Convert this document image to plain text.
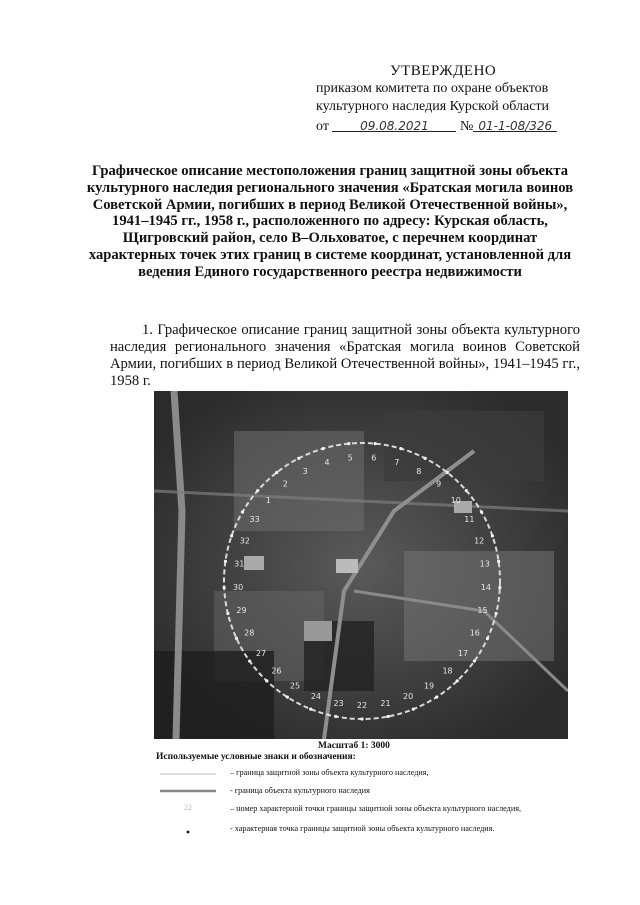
УТВЕРЖДЕНО
приказом комитета по охране объектов
культурного наследия Курской области
от	09.08.2021 № 01-1-08/326
Графическое описание местоположения границ защитной зоны объекта культурного наследия регионального значения «Братская могила воинов Советской Армии, погибших в период Великой Отечественной войны», 1941–1945 гг., 1958 г., расположенного по адресу: Курская область, Щигровский район, село В–Ольховатое, с перечнем координат характерных точек этих границ в системе координат, установленной для ведения Единого государственного реестра недвижимости
1. Графическое описание границ защитной зоны объекта культурного наследия регионального значения «Братская могила воинов Советской Армии, погибших в период Великой Отечественной войны», 1941–1945 гг., 1958 г.
33
32
31
30
29
28
27
26
25
24
23 22 21
20
19
18
17
16
15
14
13
12
11
10
9
8
7
6
5
4
3
2
1
Масштаб 1: 3000
Используемые условные знаки и обозначения:
– граница защитной зоны объекта культурного наследия,
- граница объекта культурного наследия
22	– номер характерной точки границы защитной зоны объекта культурного наследия,
- характерная точка границы защитной зоны объекта культурного наследия.
